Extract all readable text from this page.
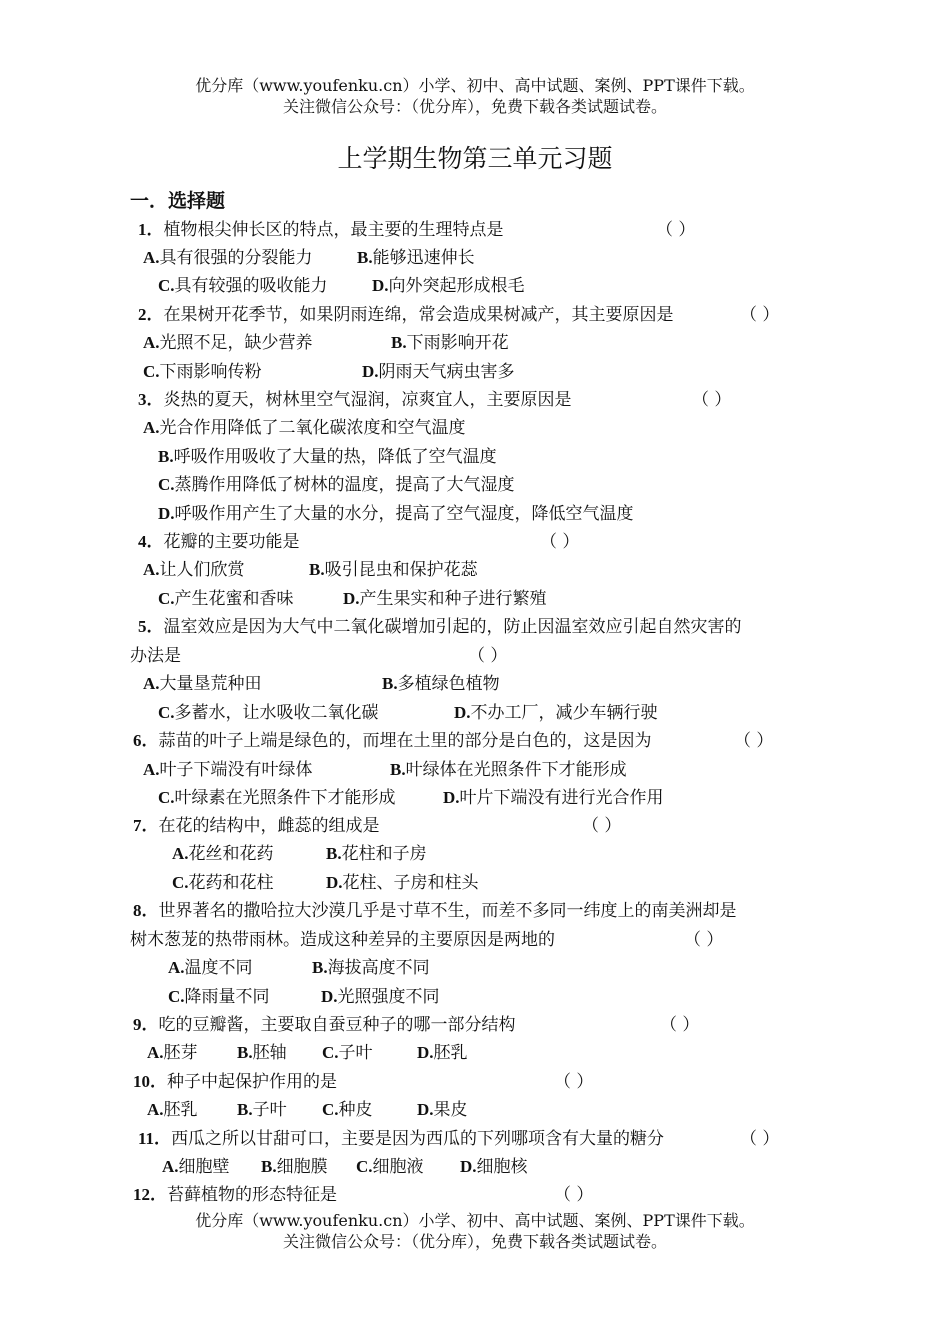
优分库（www.youfenku.cn）小学、初中、高中试题、案例、PPT课件下载。
关注微信公众号：（优分库），免费下载各类试题试卷。
上学期生物第三单元习题
一．选择题
1．植物根尖伸长区的特点，最主要的生理特点是	（ ）
A.具有很强的分裂能力	B.能够迅速伸长
C.具有较强的吸收能力	D.向外突起形成根毛
2．在果树开花季节，如果阴雨连绵，常会造成果树减产，其主要原因是	（ ）
A.光照不足，缺少营养	B.下雨影响开花
C.下雨影响传粉	D.阴雨天气病虫害多
3．炎热的夏天，树林里空气湿润，凉爽宜人，主要原因是	（ ）
A.光合作用降低了二氧化碳浓度和空气温度
B.呼吸作用吸收了大量的热，降低了空气温度
C.蒸腾作用降低了树林的温度，提高了大气湿度
D.呼吸作用产生了大量的水分，提高了空气湿度，降低空气温度
4．花瓣的主要功能是	（ ）
A.让人们欣赏	B.吸引昆虫和保护花蕊
C.产生花蜜和香味	D.产生果实和种子进行繁殖
5．温室效应是因为大气中二氧化碳增加引起的，防止因温室效应引起自然灾害的
办法是	（ ）
A.大量垦荒种田	B.多植绿色植物
C.多蓄水，让水吸收二氧化碳	D.不办工厂，减少车辆行驶
6．蒜苗的叶子上端是绿色的，而埋在土里的部分是白色的，这是因为	（ ）
A.叶子下端没有叶绿体	B.叶绿体在光照条件下才能形成
C.叶绿素在光照条件下才能形成	D.叶片下端没有进行光合作用
7．在花的结构中，雌蕊的组成是	（ ）
A.花丝和花药	B.花柱和子房
C.花药和花柱	D.花柱、子房和柱头
8．世界著名的撒哈拉大沙漠几乎是寸草不生，而差不多同一纬度上的南美洲却是
树木葱茏的热带雨林。造成这种差异的主要原因是两地的	（ ）
A.温度不同	B.海拔高度不同
C.降雨量不同	D.光照强度不同
9．吃的豆瓣酱，主要取自蚕豆种子的哪一部分结构	（ ）
A.胚芽 B.胚轴 C.子叶	D.胚乳
10．种子中起保护作用的是	（ ）
A.胚乳 B.子叶 C.种皮	D.果皮
11．西瓜之所以甘甜可口，主要是因为西瓜的下列哪项含有大量的糖分	（ ）
A.细胞壁 B.细胞膜 C.细胞液 D.细胞核
12．苔藓植物的形态特征是	（ ）
优分库（www.youfenku.cn）小学、初中、高中试题、案例、PPT课件下载。
关注微信公众号：（优分库），免费下载各类试题试卷。
